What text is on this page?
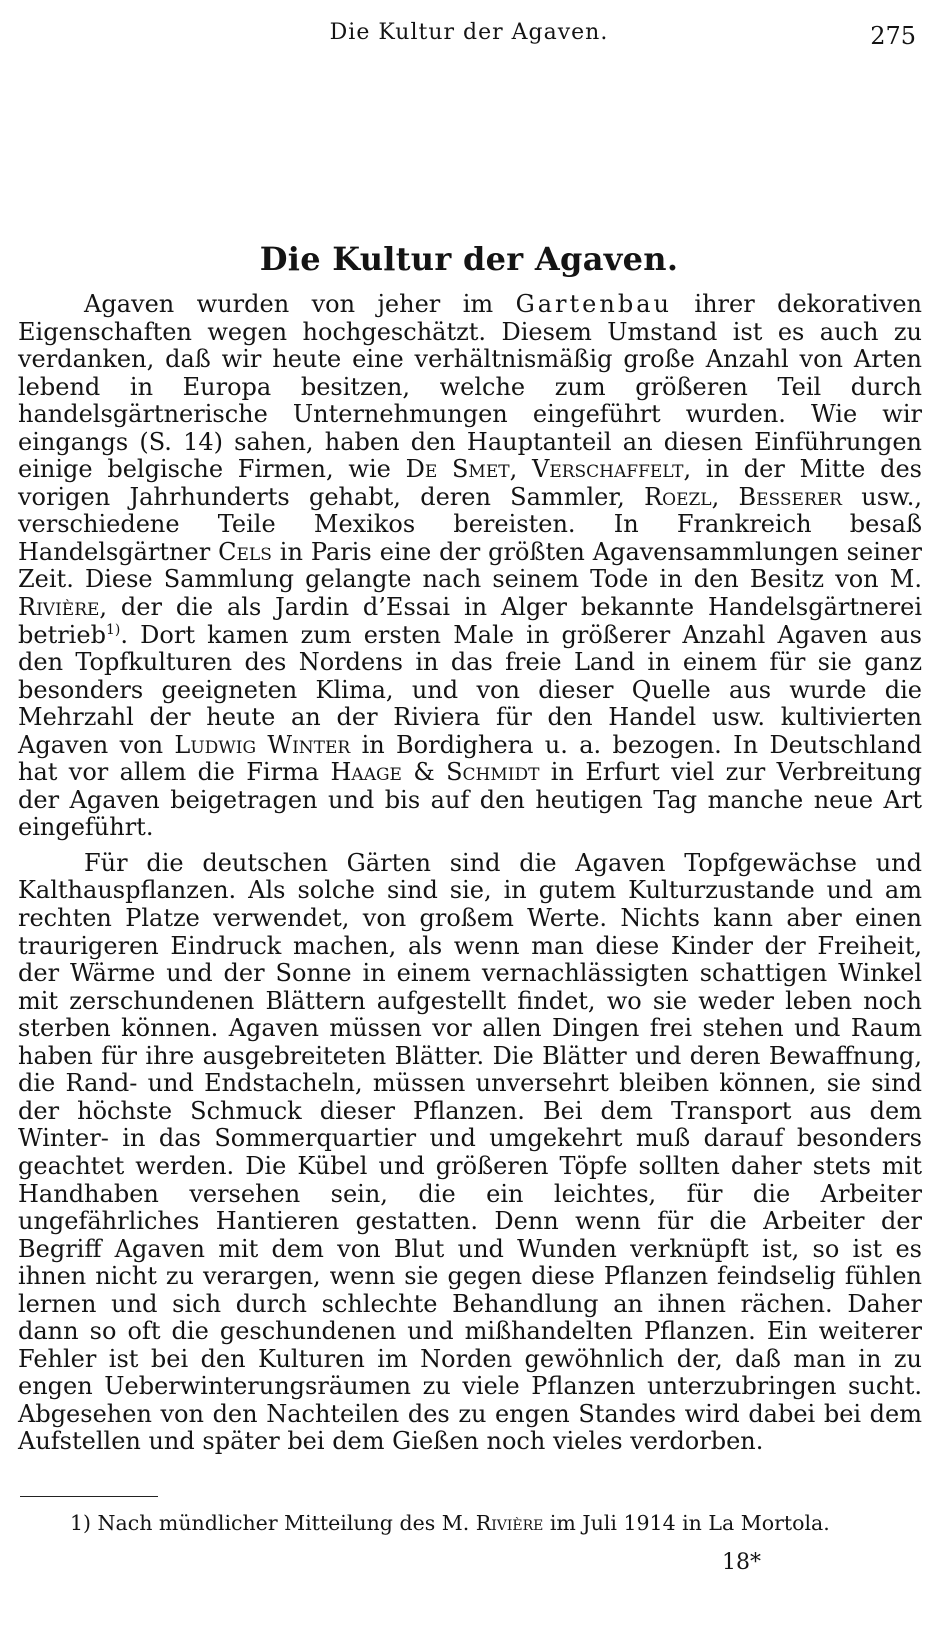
Die Kultur der Agaven.	275
Die Kultur der Agaven.

Agaven wurden von jeher im Gartenbau ihrer dekorativen Eigenschaften wegen hochgeschätzt. Diesem Umstand ist es auch zu verdanken, daß wir heute eine verhältnismäßig große Anzahl von Arten lebend in Europa besitzen, welche zum größeren Teil durch handelsgärtnerische Unternehmungen eingeführt wurden. Wie wir eingangs (S. 14) sahen, haben den Hauptanteil an diesen Einführungen einige belgische Firmen, wie De Smet, Verschaffelt, in der Mitte des vorigen Jahrhunderts gehabt, deren Sammler, Roezl, Besserer usw., verschiedene Teile Mexikos bereisten. In Frankreich besaß Handelsgärtner Cels in Paris eine der größten Agavensammlungen seiner Zeit. Diese Sammlung gelangte nach seinem Tode in den Besitz von M. Rivière, der die als Jardin d’Essai in Alger bekannte Handelsgärtnerei betrieb$^{1)}$. Dort kamen zum ersten Male in größerer Anzahl Agaven aus den Topfkulturen des Nordens in das freie Land in einem für sie ganz besonders geeigneten Klima, und von dieser Quelle aus wurde die Mehrzahl der heute an der Riviera für den Handel usw. kultivierten Agaven von Ludwig Winter in Bordighera u. a. bezogen. In Deutschland hat vor allem die Firma Haage & Schmidt in Erfurt viel zur Verbreitung der Agaven beigetragen und bis auf den heutigen Tag manche neue Art eingeführt.

Für die deutschen Gärten sind die Agaven Topfgewächse und Kalthauspflanzen. Als solche sind sie, in gutem Kulturzustande und am rechten Platze verwendet, von großem Werte. Nichts kann aber einen traurigeren Eindruck machen, als wenn man diese Kinder der Freiheit, der Wärme und der Sonne in einem vernachlässigten schattigen Winkel mit zerschundenen Blättern aufgestellt findet, wo sie weder leben noch sterben können. Agaven müssen vor allen Dingen frei stehen und Raum haben für ihre ausgebreiteten Blätter. Die Blätter und deren Bewaffnung, die Rand- und Endstacheln, müssen unversehrt bleiben können, sie sind der höchste Schmuck dieser Pflanzen. Bei dem Transport aus dem Winter- in das Sommerquartier und umgekehrt muß darauf besonders geachtet werden. Die Kübel und größeren Töpfe sollten daher stets mit Handhaben versehen sein, die ein leichtes, für die Arbeiter ungefährliches Hantieren gestatten. Denn wenn für die Arbeiter der Begriff Agaven mit dem von Blut und Wunden verknüpft ist, so ist es ihnen nicht zu verargen, wenn sie gegen diese Pflanzen feindselig fühlen lernen und sich durch schlechte Behandlung an ihnen rächen. Daher dann so oft die geschundenen und mißhandelten Pflanzen. Ein weiterer Fehler ist bei den Kulturen im Norden gewöhnlich der, daß man in zu engen Ueberwinterungsräumen zu viele Pflanzen unterzubringen sucht. Abgesehen von den Nachteilen des zu engen Standes wird dabei bei dem Aufstellen und später bei dem Gießen noch vieles verdorben.

1) Nach mündlicher Mitteilung des M. Rivière im Juli 1914 in La Mortola.
18*
